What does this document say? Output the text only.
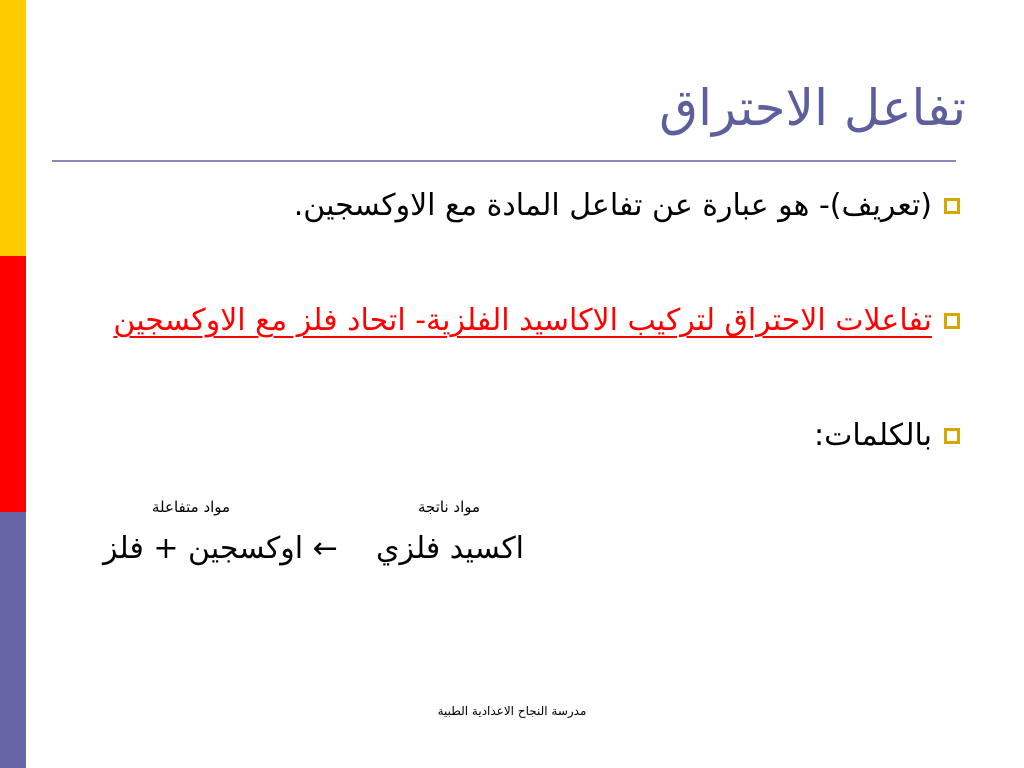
تفاعل الاحتراق
(تعريف)- هو عبارة عن تفاعل المادة مع الاوكسجين.
تفاعلات الاحتراق لتركيب الاكاسيد الفلزية- اتحاد فلز مع الاوكسجين
بالكلمات:
مواد ناتجة
مواد متفاعلة
اكسيد فلزي    ← اوكسجين + فلز
مدرسة النجاح الاعدادية الطبية
